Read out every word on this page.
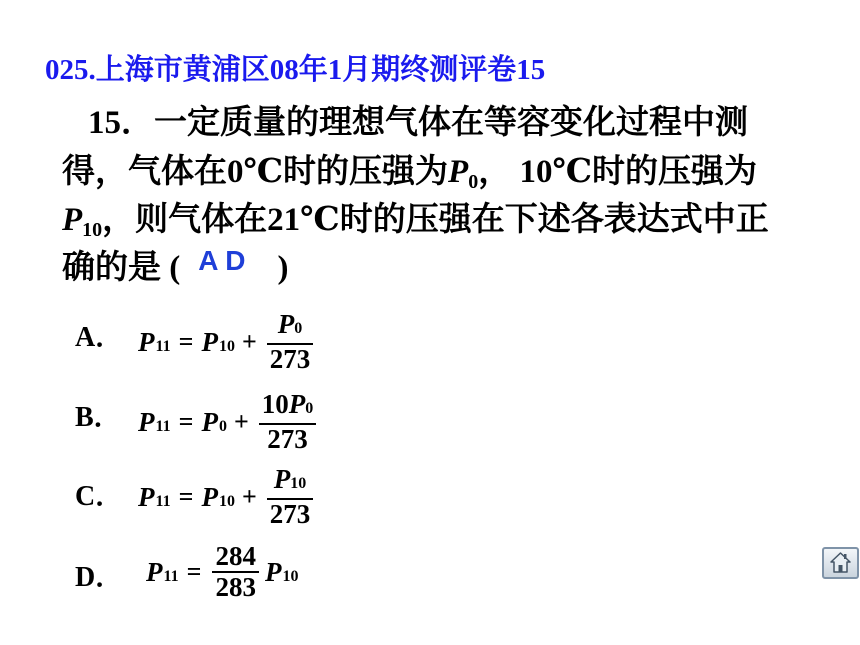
025.上海市黄浦区08年1月期终测评卷15
15．一定质量的理想气体在等容变化过程中测
得，气体在0℃时的压强为$P_0$， 10℃时的压强为
$P_{10}$，则气体在21℃时的压强在下述各表达式中正
确的是 ( $^{A D}$ )
A． P 11 = P $10 + \frac{P 0}{273}$
B． P 11 = P $0 + \frac{10 P 0}{273}$
C． P 11 = P $10 + \frac{P 10}{273}$
D． P $11 = \frac{284}{283}$ P 10
